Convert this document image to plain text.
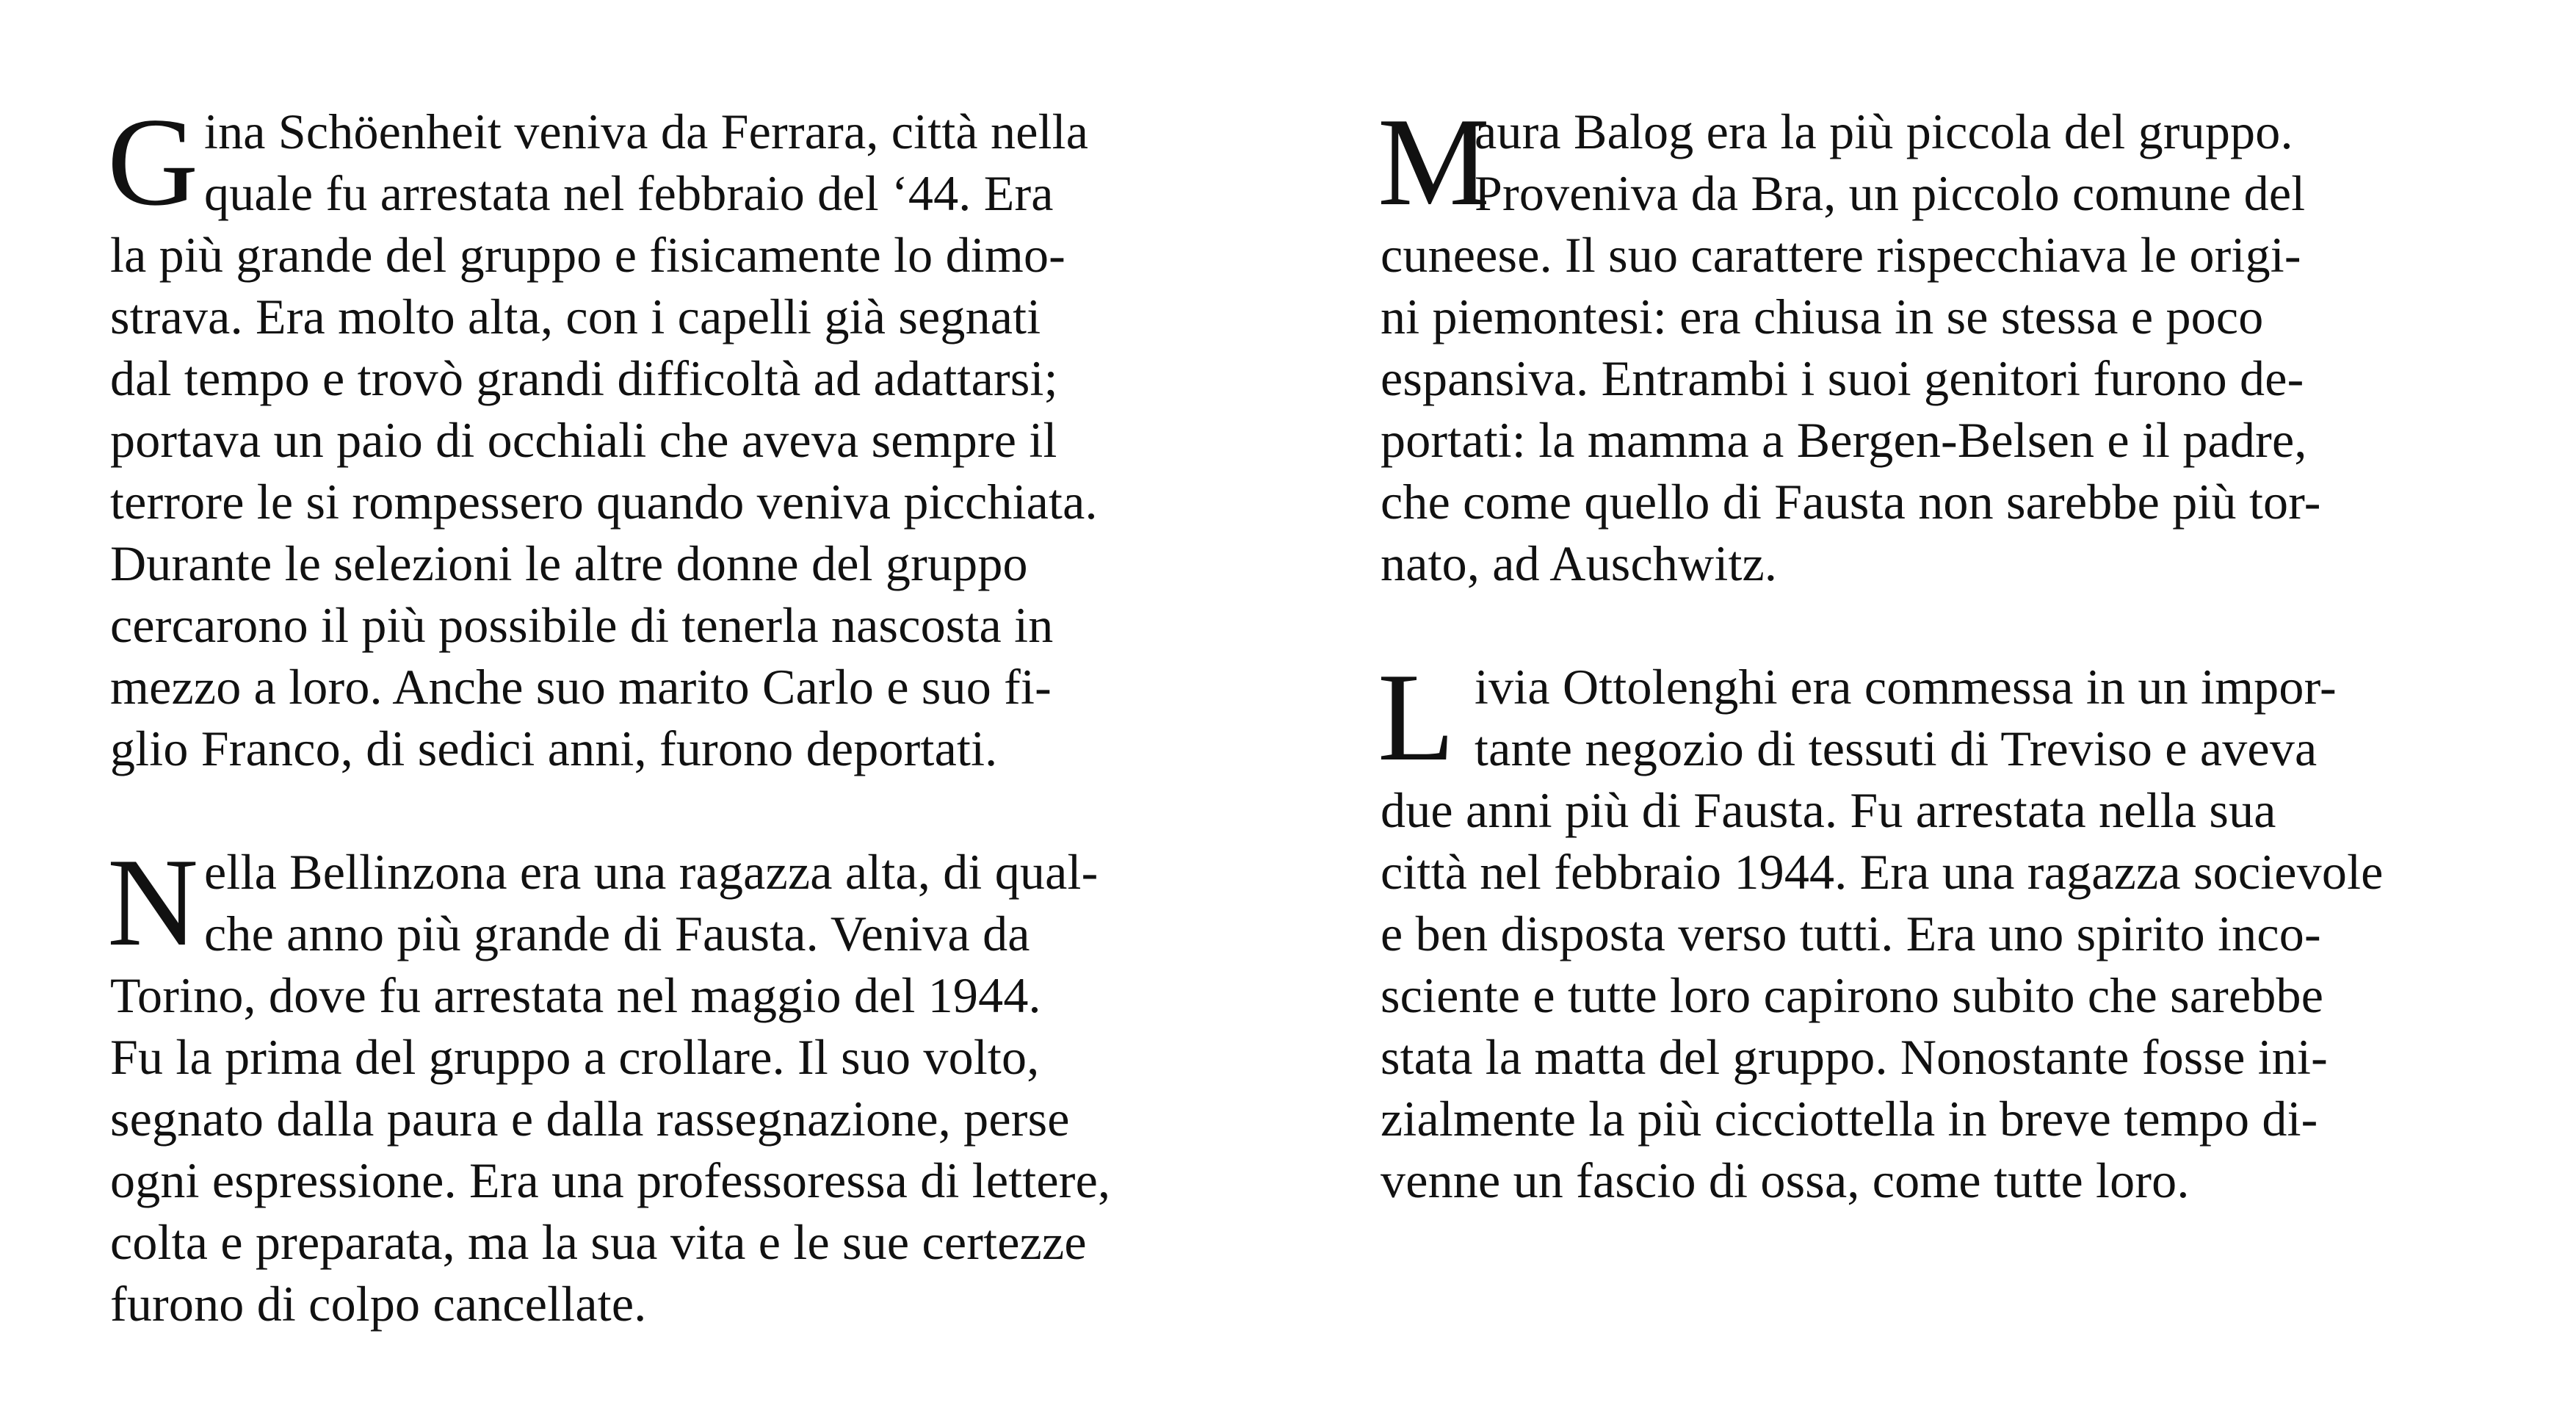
G ina Schöenheit veniva da Ferrara, città nella
quale fu arrestata nel febbraio del ‘44. Era
la più grande del gruppo e fisicamente lo dimo-
strava. Era molto alta, con i capelli già segnati
dal tempo e trovò grandi difficoltà ad adattarsi;
portava un paio di occhiali che aveva sempre il
terrore le si rompessero quando veniva picchiata.
Durante le selezioni le altre donne del gruppo
cercarono il più possibile di tenerla nascosta in
mezzo a loro. Anche suo marito Carlo e suo fi-
glio Franco, di sedici anni, furono deportati.
N ella Bellinzona era una ragazza alta, di qual-
che anno più grande di Fausta. Veniva da
Torino, dove fu arrestata nel maggio del 1944.
Fu la prima del gruppo a crollare. Il suo volto,
segnato dalla paura e dalla rassegnazione, perse
ogni espressione. Era una professoressa di lettere,
colta e preparata, ma la sua vita e le sue certezze
furono di colpo cancellate.
M
aura Balog era la più piccola del gruppo.
Proveniva da Bra, un piccolo comune del
cuneese. Il suo carattere rispecchiava le origi-
ni piemontesi: era chiusa in se stessa e poco
espansiva. Entrambi i suoi genitori furono de-
portati: la mamma a Bergen-Belsen e il padre,
che come quello di Fausta non sarebbe più tor-
nato, ad Auschwitz.
L ivia Ottolenghi era commessa in un impor-
tante negozio di tessuti di Treviso e aveva
due anni più di Fausta. Fu arrestata nella sua
città nel febbraio 1944. Era una ragazza socievole
e ben disposta verso tutti. Era uno spirito inco-
sciente e tutte loro capirono subito che sarebbe
stata la matta del gruppo. Nonostante fosse ini-
zialmente la più cicciottella in breve tempo di-
venne un fascio di ossa, come tutte loro.
